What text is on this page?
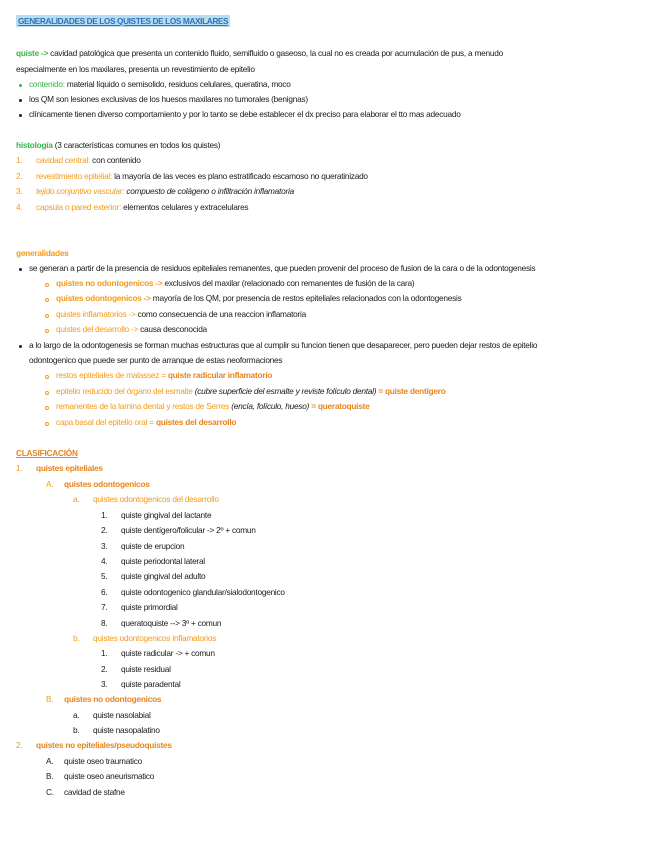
GENERALIDADES DE LOS QUISTES DE LOS MAXILARES
quiste -> cavidad patológica que presenta un contenido fluido, semifluido o gaseoso, la cual no es creada por acumulación de pus, a menudo
especialmente en los maxilares, presenta un revestimiento de epitelio
contenido: material líquido o semisolido, residuos celulares, queratina, moco
los QM son lesiones exclusivas de los huesos maxilares no tumorales (benignas)
clínicamente tienen diverso comportamiento y por lo tanto se debe establecer el dx preciso para elaborar el tto mas adecuado
histología (3 características comunes en todos los quistes)
1. cavidad central: con contenido
2. revestimiento epitelial: la mayoría de las veces es plano estratificado escamoso no queratinizado
3. tejido conjuntivo vascular: compuesto de colágeno o infiltración inflamatoria
4. capsula o pared exterior: elementos celulares y extracelulares
generalidades
se generan a partir de la presencia de residuos epiteliales remanentes, que pueden provenir del proceso de fusion de la cara o de la odontogenesis
quistes no odontogenicos -> exclusivos del maxilar (relacionado con remanentes de fusión de la cara)
quistes odontogenicos -> mayoría de los QM, por presencia de restos epiteliales relacionados con la odontogenesis
quistes inflamatorios -> como consecuencia de una reaccion inflamatoria
quistes del desarrollo -> causa desconocida
a lo largo de la odontogenesis se forman muchas estructuras que al cumplir su funcion tienen que desaparecer, pero pueden dejar restos de epitelio
odontogenico que puede ser punto de arranque de estas neoformaciones
restos epiteliales de malassez = quiste radicular inflamatorio
epitelio reducido del órgano del esmalte (cubre superficie del esmalte y reviste folículo dental) = quiste dentígero
remanentes de la lamina dental y restos de Serres (encía, folículo, hueso) = queratoquiste
capa basal del epitelio oral = quistes del desarrollo
CLASIFICACIÓN
1. quistes epiteliales
A. quistes odontogenicos
a. quistes odontogenicos del desarrollo
1. quiste gingival del lactante
2. quiste dentígero/folicular -> 2º + comun
3. quiste de erupcion
4. quiste periodontal lateral
5. quiste gingival del adulto
6. quiste odontogenico glandular/sialodontogenico
7. quiste primordial
8. queratoquiste --> 3º + comun
b. quistes odontogenicos inflamatorios
1. quiste radicular -> + comun
2. quiste residual
3. quiste paradental
B. quistes no odontogenicos
a. quiste nasolabial
b. quiste nasopalatino
2. quistes no epiteliales/pseudoquistes
A. quiste oseo traumatico
B. quiste oseo aneurismatico
C. cavidad de stafne
